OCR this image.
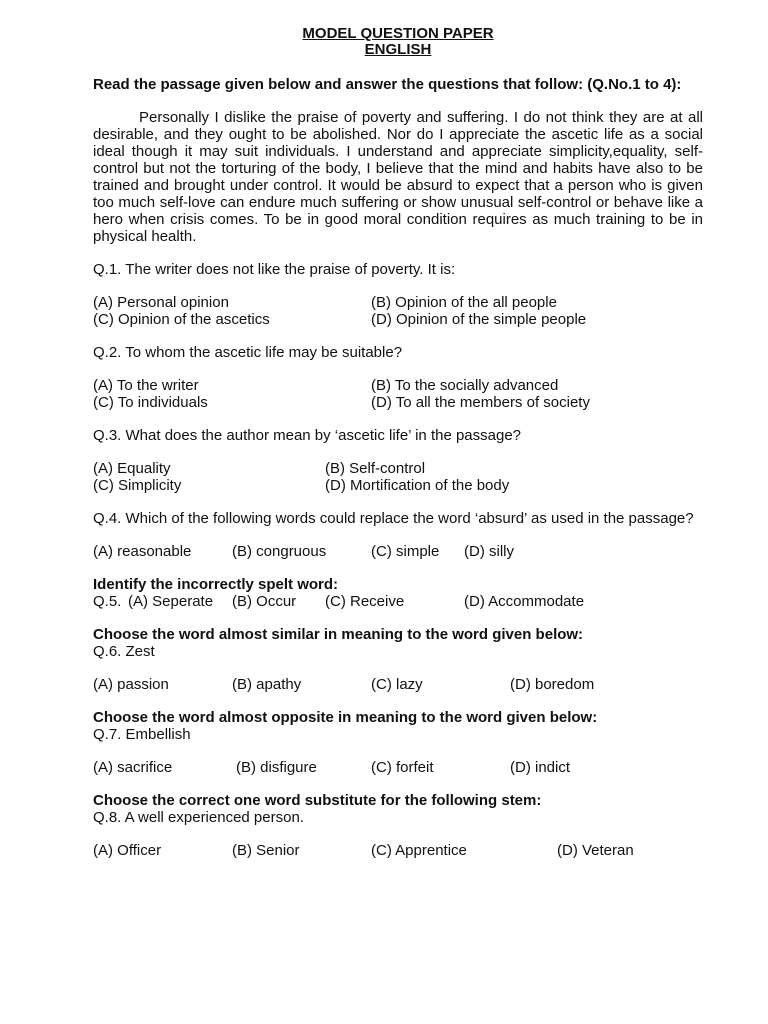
MODEL QUESTION PAPER

ENGLISH

Read the passage given below and answer the questions that follow: (Q.No.1 to 4):

Personally I dislike the praise of poverty and suffering. I do not think they are at all desirable, and they ought to be abolished. Nor do I appreciate the ascetic life as a social ideal though it may suit individuals. I understand and appreciate simplicity,equality, self-control but not the torturing of the body, I believe that the mind and habits have also to be trained and brought under control. It would be absurd to expect that a person who is given too much self-love can endure much suffering or show unusual self-control or behave like a hero when crisis comes. To be in good moral condition requires as much training to be in physical health.

Q.1. The writer does not like the praise of poverty. It is:

(A) Personal opinion	(B) Opinion of the all people
(C) Opinion of the ascetics	(D) Opinion of the simple people

Q.2. To whom the ascetic life may be suitable?

(A) To the writer	(B) To the socially advanced
(C) To individuals	(D) To all the members of society

Q.3. What does the author mean by ‘ascetic life’ in the passage?

(A) Equality	(B) Self-control
(C) Simplicity	(D) Mortification of the body

Q.4. Which of the following words could replace the word ‘absurd’ as used in the passage?

(A) reasonable	(B) congruous	(C) simple (D) silly

Identify the incorrectly spelt word:

Q.5. (A) Seperate (B) Occur (C) Receive	(D) Accommodate

Choose the word almost similar in meaning to the word given below:

Q.6. Zest

(A) passion	(B) apathy	(C) lazy	(D) boredom

Choose the word almost opposite in meaning to the word given below:

Q.7. Embellish

(A) sacrifice	(B) disfigure	(C) forfeit	(D) indict

Choose the correct one word substitute for the following stem:

Q.8. A well experienced person.

(A) Officer	(B) Senior	(C) Apprentice	(D) Veteran
